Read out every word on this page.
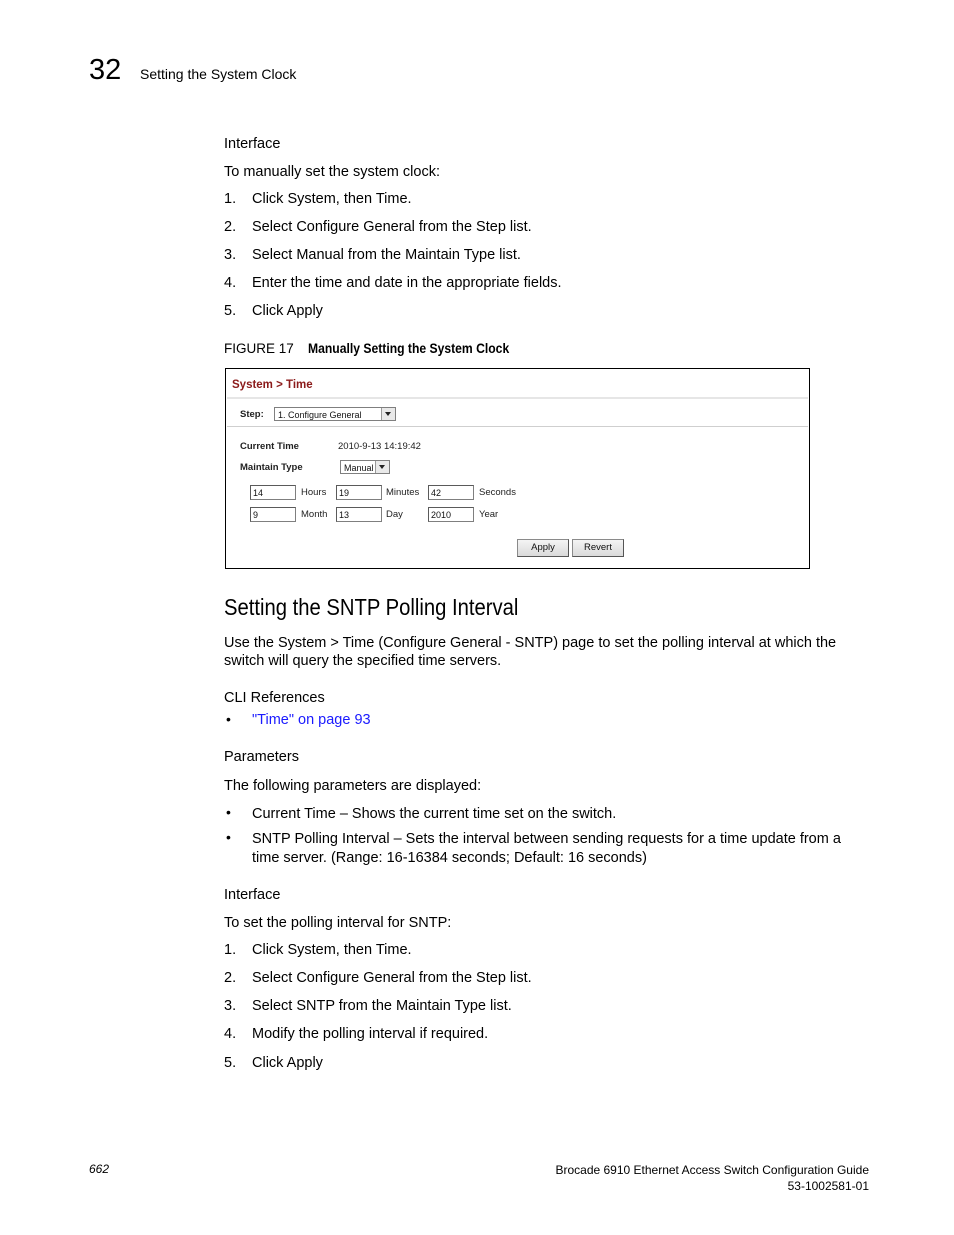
32 Setting the System Clock
Interface
To manually set the system clock:
1. Click System, then Time.
2. Select Configure General from the Step list.
3. Select Manual from the Maintain Type list.
4. Enter the time and date in the appropriate fields.
5. Click Apply
FIGURE 17 Manually Setting the System Clock
System > Time
Step:	1. Configure General
Current Time	2010-9-13 14:19:42
Maintain Type	Manual
14	Hours	19	Minutes	42	Seconds
9	Month	13	Day	2010	Year
Apply	Revert
Setting the SNTP Polling Interval
Use the System > Time (Configure General - SNTP) page to set the polling interval at which the
switch will query the specified time servers.
CLI References
• "Time" on page 93
Parameters
The following parameters are displayed:
• Current Time – Shows the current time set on the switch.
• SNTP Polling Interval – Sets the interval between sending requests for a time update from a
time server. (Range: 16-16384 seconds; Default: 16 seconds)
Interface
To set the polling interval for SNTP:
1. Click System, then Time.
2. Select Configure General from the Step list.
3. Select SNTP from the Maintain Type list.
4. Modify the polling interval if required.
5. Click Apply
662	Brocade 6910 Ethernet Access Switch Configuration Guide
53-1002581-01
